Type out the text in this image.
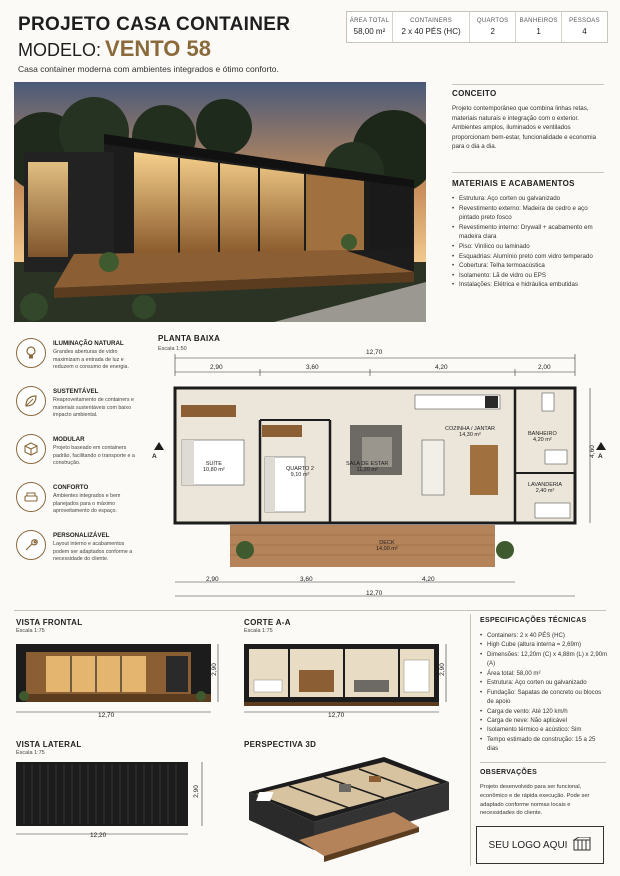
PROJETO CASA CONTAINER
MODELO: VENTO 58
Casa container moderna com ambientes integrados e ótimo conforto.
ÁREA TOTAL
58,00 m²
CONTAINERS
2 x 40 PÉS (HC)
QUARTOS
2
BANHEIROS
1
PESSOAS
4
CONCEITO
Projeto contemporâneo que combina linhas retas, materiais naturais e integração com o exterior. Ambientes amplos, iluminados e ventilados proporcionam bem-estar, funcionalidade e economia para o dia a dia.
MATERIAIS E ACABAMENTOS
• Estrutura: Aço corten ou galvanizado
• Revestimento externo: Madeira de cedro e aço pintado preto fosco
• Revestimento interno: Drywall + acabamento em madeira clara
• Piso: Vinílico ou laminado
• Esquadrias: Alumínio preto com vidro temperado
• Cobertura: Telha termoacústica
• Isolamento: Lã de vidro ou EPS
• Instalações: Elétrica e hidráulica embutidas
ILUMINAÇÃO NATURAL
Grandes aberturas de vidro maximizam a entrada de luz e reduzem o consumo de energia.
SUSTENTÁVEL
Reaproveitamento de containers e materiais sustentáveis com baixo impacto ambiental.
MODULAR
Projeto baseado em containers padrão, facilitando o transporte e a construção.
CONFORTO
Ambientes integrados e bem planejados para o máximo aproveitamento do espaço.
PERSONALIZÁVEL
Layout interno e acabamentos podem ser adaptados conforme a necessidade do cliente.
PLANTA BAIXA
Escala 1:50	12,70
2,90	3,60	4,20	2,00
4,60
A	A
2,90	3,60	4,20
12,70
SUÍTE
10,80 m²	QUARTO 2
9,10 m²
SALA DE ESTAR
11,20 m²
COZINHA / JANTAR
14,30 m²	BANHEIRO
4,20 m²
LAVANDERIA
2,40 m²
DECK
14,00 m²
VISTA FRONTAL
Escala 1:75
12,70
2,90
CORTE A-A
Escala 1:75
12,70
2,90
VISTA LATERAL
Escala 1:75
12,20
2,90
PERSPECTIVA 3D
ESPECIFICAÇÕES TÉCNICAS
• Containers: 2 x 40 PÉS (HC)
• High Cube (altura interna = 2,69m)
• Dimensões: 12,20m (C) x 4,88m (L) x 2,90m (A)
• Área total: 58,00 m²
• Estrutura: Aço corten ou galvanizado
• Fundação: Sapatas de concreto ou blocos de apoio
• Carga de vento: Até 120 km/h
• Carga de neve: Não aplicável
• Isolamento térmico e acústico: Sim
• Tempo estimado de construção: 15 a 25 dias
OBSERVAÇÕES
Projeto desenvolvido para ser funcional, econômico e de rápida execução. Pode ser adaptado conforme normas locais e necessidades do cliente.
SEU LOGO AQUI
